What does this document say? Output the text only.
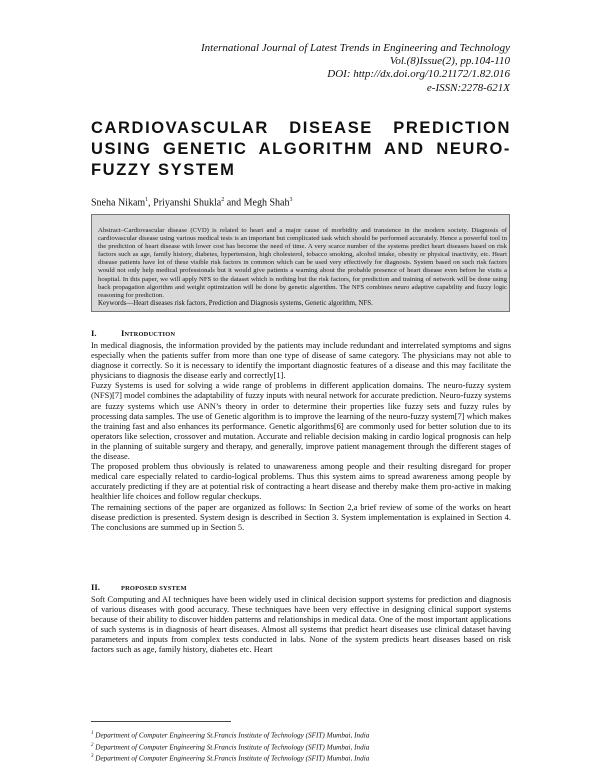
International Journal of Latest Trends in Engineering and Technology
Vol.(8)Issue(2), pp.104-110
DOI: http://dx.doi.org/10.21172/1.82.016
e-ISSN:2278-621X
CARDIOVASCULAR DISEASE PREDICTION
USING GENETIC ALGORITHM AND NEURO-
FUZZY SYSTEM
Sneha Nikam$^1$, Priyanshi Shukla$^2$ and Megh Shah$^3$
Abstract–Cardiovascular disease (CVD) is related to heart and a major cause of morbidity and transience in the modern society. Diagnosis of cardiovascular disease using various medical tests is an important but complicated task which should be performed accurately. Hence a powerful tool in the prediction of heart disease with lower cost has become the need of time. A very scarce number of the systems predict heart diseases based on risk factors such as age, family history, diabetes, hypertension, high cholesterol, tobacco smoking, alcohol intake, obesity or physical inactivity, etc. Heart disease patients have lot of these visible risk factors in common which can be used very effectively for diagnosis. System based on such risk factors would not only help medical professionals but it would give patients a warning about the probable presence of heart disease even before he visits a hospital. In this paper, we will apply NFS to the dataset which is nothing but the risk factors, for prediction and training of network will be done using back propagation algorithm and weight optimization will be done by genetic algorithm. The NFS combines neuro adaptive capability and fuzzy logic reasoning for prediction.
Keywords—Heart diseases risk factors, Prediction and Diagnosis systems, Genetic algorithm, NFS.
I.	INTRODUCTION

In medical diagnosis, the information provided by the patients may include redundant and interrelated symptoms and signs especially when the patients suffer from more than one type of disease of same category. The physicians may not able to diagnose it correctly. So it is necessary to identify the important diagnostic features of a disease and this may facilitate the physicians to diagnosis the disease early and correctly[1].

Fuzzy Systems is used for solving a wide range of problems in different application domains. The neuro-fuzzy system (NFS)[7] model combines the adaptability of fuzzy inputs with neural network for accurate prediction. Neuro-fuzzy systems are fuzzy systems which use ANN’s theory in order to determine their properties like fuzzy sets and fuzzy rules by processing data samples. The use of Genetic algorithm is to improve the learning of the neuro-fuzzy system[7] which makes the training fast and also enhances its performance. Genetic algorithms[6] are commonly used for better solution due to its operators like selection, crossover and mutation. Accurate and reliable decision making in cardio logical prognosis can help in the planning of suitable surgery and therapy, and generally, improve patient management through the different stages of the disease.

The proposed problem thus obviously is related to unawareness among people and their resulting disregard for proper medical care especially related to cardio-logical problems. Thus this system aims to spread awareness among people by accurately predicting if they are at potential risk of contracting a heart disease and thereby make them pro-active in making healthier life choices and follow regular checkups.

The remaining sections of the paper are organized as follows: In Section 2,a brief review of some of the works on heart disease prediction is presented. System design is described in Section 3. System implementation is explained in Section 4. The conclusions are summed up in Section 5.

II.	PROPOSED SYSTEM

Soft Computing and AI techniques have been widely used in clinical decision support systems for prediction and diagnosis of various diseases with good accuracy. These techniques have been very effective in designing clinical support systems because of their ability to discover hidden patterns and relationships in medical data. One of the most important applications of such systems is in diagnosis of heart diseases. Almost all systems that predict heart diseases use clinical dataset having parameters and inputs from complex tests conducted in labs. None of the system predicts heart diseases based on risk factors such as age, family history, diabetes etc. Heart

$^1$ Department of Computer Engineering St.Francis Institute of Technology (SFIT) Mumbai, India
$^2$ Department of Computer Engineering St.Francis Institute of Technology (SFIT) Mumbai, India
$^3$ Department of Computer Engineering St.Francis Institute of Technology (SFIT) Mumbai, India
